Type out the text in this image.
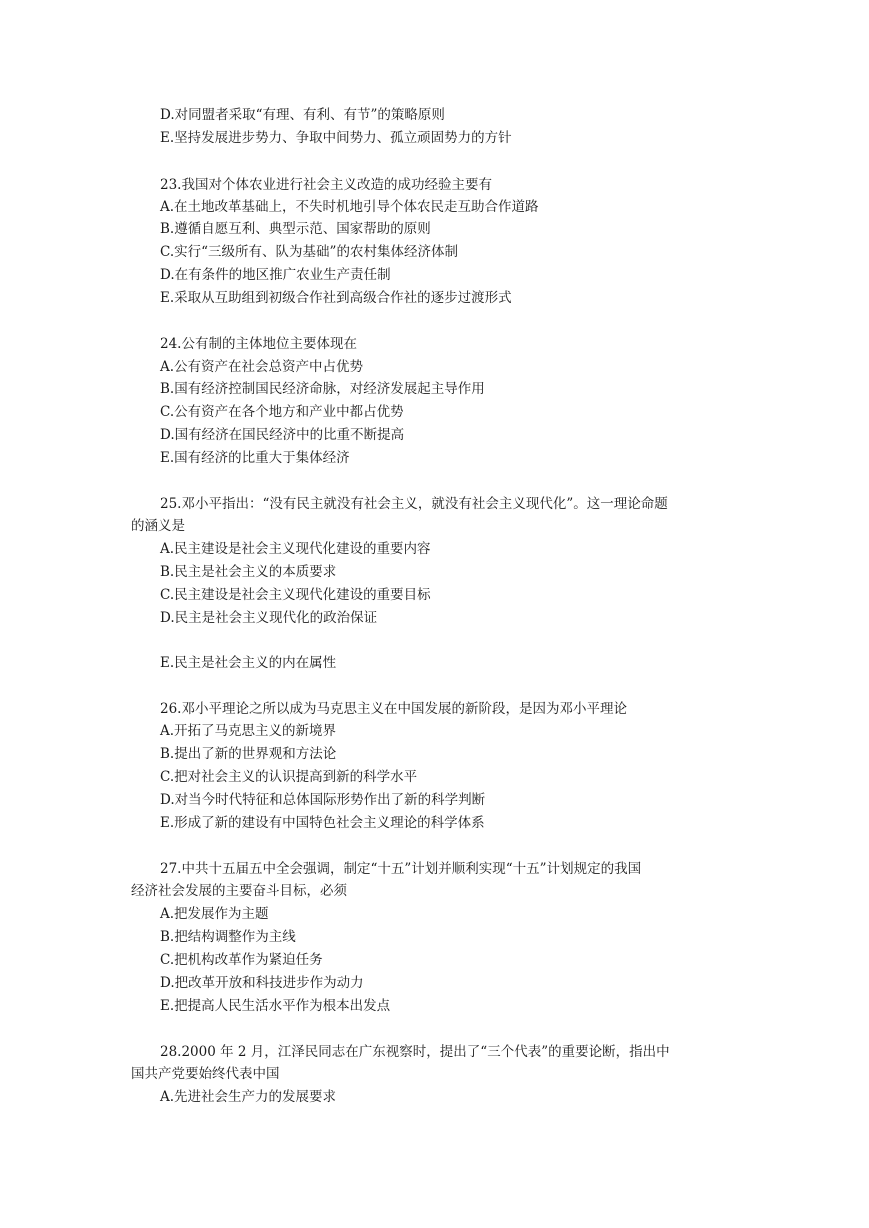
D.对同盟者采取“有理、有利、有节”的策略原则
E.坚持发展进步势力、争取中间势力、孤立顽固势力的方针
23.我国对个体农业进行社会主义改造的成功经验主要有
A.在土地改革基础上，不失时机地引导个体农民走互助合作道路
B.遵循自愿互利、典型示范、国家帮助的原则
C.实行“三级所有、队为基础”的农村集体经济体制
D.在有条件的地区推广农业生产责任制
E.采取从互助组到初级合作社到高级合作社的逐步过渡形式
24.公有制的主体地位主要体现在
A.公有资产在社会总资产中占优势
B.国有经济控制国民经济命脉，对经济发展起主导作用
C.公有资产在各个地方和产业中都占优势
D.国有经济在国民经济中的比重不断提高
E.国有经济的比重大于集体经济
25.邓小平指出：“没有民主就没有社会主义，就没有社会主义现代化”。这一理论命题
的涵义是
A.民主建设是社会主义现代化建设的重要内容
B.民主是社会主义的本质要求
C.民主建设是社会主义现代化建设的重要目标
D.民主是社会主义现代化的政治保证
E.民主是社会主义的内在属性
26.邓小平理论之所以成为马克思主义在中国发展的新阶段，是因为邓小平理论
A.开拓了马克思主义的新境界
B.提出了新的世界观和方法论
C.把对社会主义的认识提高到新的科学水平
D.对当今时代特征和总体国际形势作出了新的科学判断
E.形成了新的建设有中国特色社会主义理论的科学体系
27.中共十五届五中全会强调，制定“十五”计划并顺利实现“十五”计划规定的我国
经济社会发展的主要奋斗目标，必须
A.把发展作为主题
B.把结构调整作为主线
C.把机构改革作为紧迫任务
D.把改革开放和科技进步作为动力
E.把提高人民生活水平作为根本出发点
28.2000 年 2 月，江泽民同志在广东视察时，提出了“三个代表”的重要论断，指出中
国共产党要始终代表中国
A.先进社会生产力的发展要求
